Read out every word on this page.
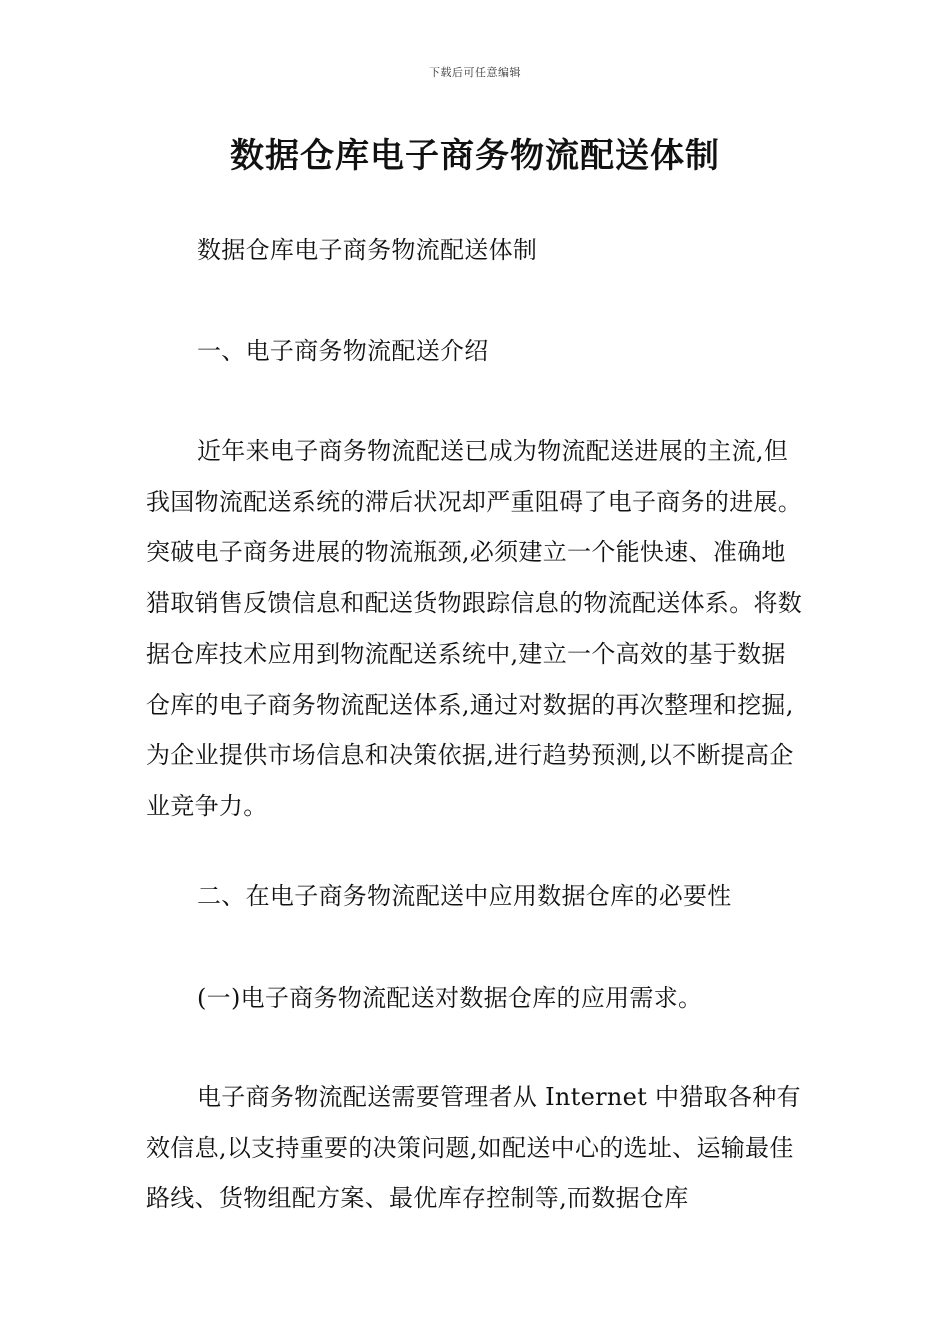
下载后可任意编辑
数据仓库电子商务物流配送体制

数据仓库电子商务物流配送体制

一、电子商务物流配送介绍

近年来电子商务物流配送已成为物流配送进展的主流,但我国物流配送系统的滞后状况却严重阻碍了电子商务的进展。突破电子商务进展的物流瓶颈,必须建立一个能快速、准确地猎取销售反馈信息和配送货物跟踪信息的物流配送体系。将数据仓库技术应用到物流配送系统中,建立一个高效的基于数据仓库的电子商务物流配送体系,通过对数据的再次整理和挖掘,为企业提供市场信息和决策依据,进行趋势预测,以不断提高企业竞争力。

二、在电子商务物流配送中应用数据仓库的必要性

(一)电子商务物流配送对数据仓库的应用需求。

电子商务物流配送需要管理者从 Internet 中猎取各种有效信息,以支持重要的决策问题,如配送中心的选址、运输最佳路线、货物组配方案、最优库存控制等,而数据仓库
